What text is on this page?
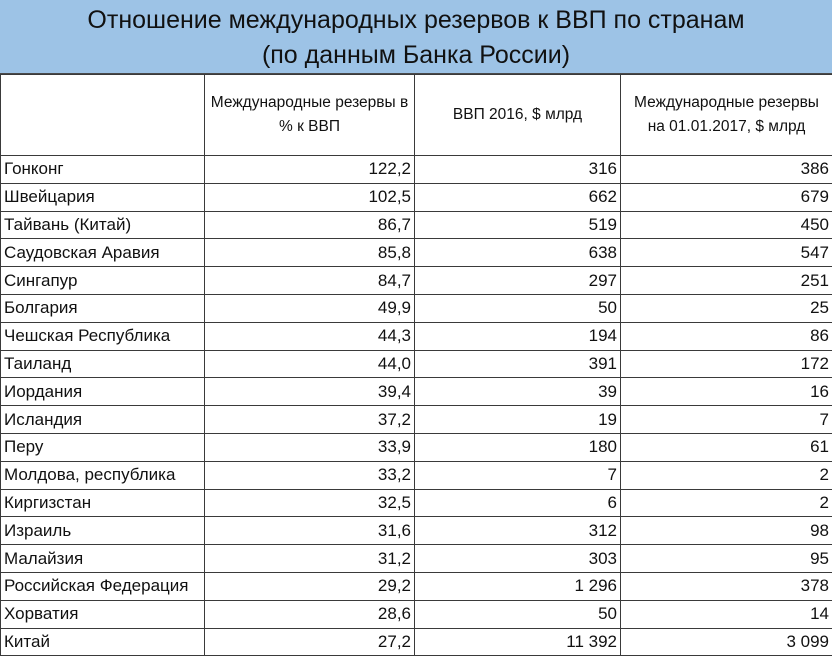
Отношение международных резервов к ВВП по странам
(по данным Банка России)
	Международные резервы в % к ВВП	ВВП 2016, $ млрд	Международные резервы на 01.01.2017, $ млрд
Гонконг	122,2	316	386
Швейцария	102,5	662	679
Тайвань (Китай)	86,7	519	450
Саудовская Аравия	85,8	638	547
Сингапур	84,7	297	251
Болгария	49,9	50	25
Чешская Республика	44,3	194	86
Таиланд	44,0	391	172
Иордания	39,4	39	16
Исландия	37,2	19	7
Перу	33,9	180	61
Молдова, республика	33,2	7	2
Киргизстан	32,5	6	2
Израиль	31,6	312	98
Малайзия	31,2	303	95
Российская Федерация	29,2	1 296	378
Хорватия	28,6	50	14
Китай	27,2	11 392	3 099
